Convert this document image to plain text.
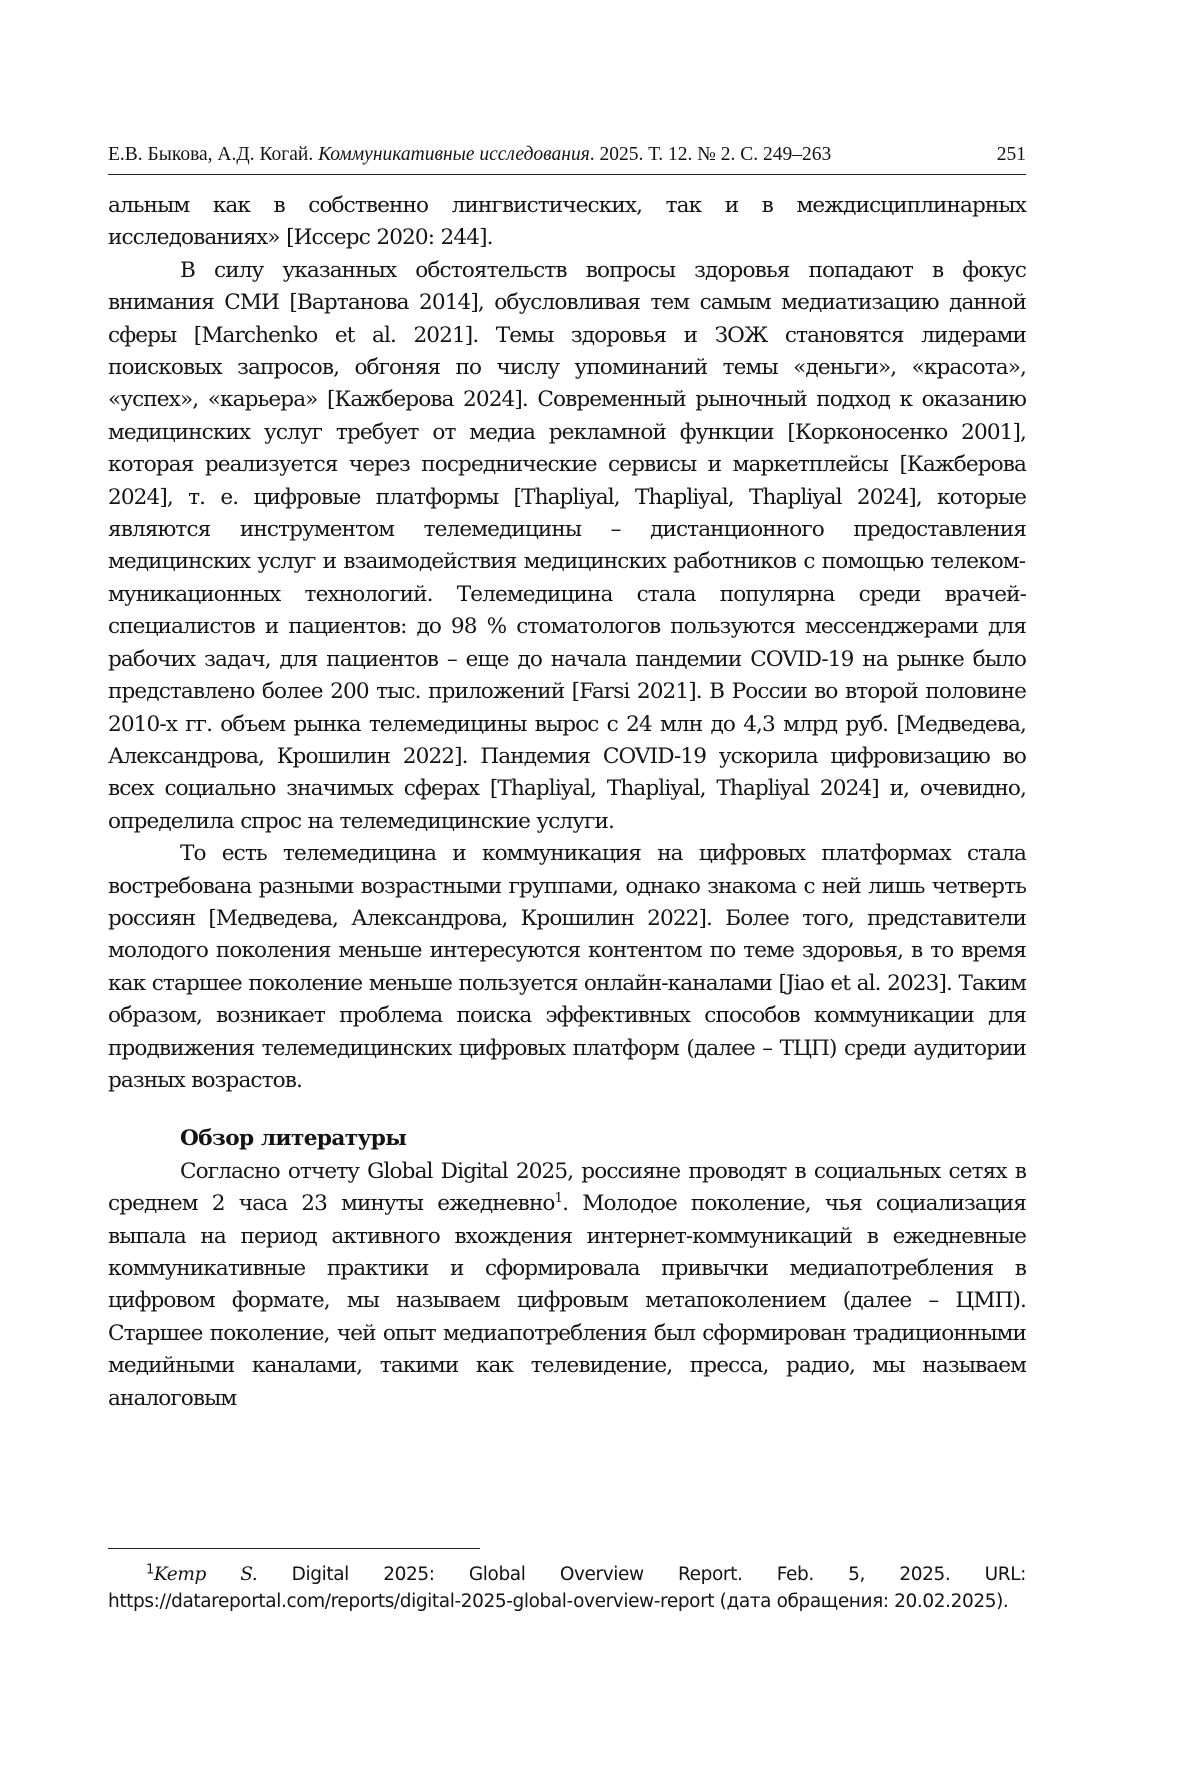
Е.В. Быкова, А.Д. Когай. Коммуникативные исследования. 2025. Т. 12. № 2. С. 249–263	251

альным как в собственно лингвистических, так и в междисциплинарных исследованиях» [Иссерс 2020: 244].

В силу указанных обстоятельств вопросы здоровья попадают в фокус внимания СМИ [Вартанова 2014], обусловливая тем самым медиатизацию данной сферы [Marchenko et al. 2021]. Темы здоровья и ЗОЖ становятся лидерами поисковых запросов, обгоняя по числу упоминаний темы «деньги», «красота», «успех», «карьера» [Кажберова 2024]. Современный рыночный подход к оказанию медицинских услуг требует от медиа рекламной функции [Корконосенко 2001], которая реализуется через посреднические сервисы и маркетплейсы [Кажберова 2024], т. е. цифровые платформы [Thapliyal, Thapliyal, Thapliyal 2024], которые являются инструментом телемедицины – дистанционного предоставления медицинских услуг и взаимодействия медицинских работников с помощью телекоммуникационных технологий. Телемедицина стала популярна среди врачей-специалистов и пациентов: до 98 % стоматологов пользуются мессенджерами для рабочих задач, для пациентов – еще до начала пандемии COVID-19 на рынке было представлено более 200 тыс. приложений [Farsi 2021]. В России во второй половине 2010-х гг. объем рынка телемедицины вырос с 24 млн до 4,3 млрд руб. [Медведева, Александрова, Крошилин 2022]. Пандемия COVID-19 ускорила цифровизацию во всех социально значимых сферах [Thapliyal, Thapliyal, Thapliyal 2024] и, очевидно, определила спрос на телемедицинские услуги.

То есть телемедицина и коммуникация на цифровых платформах стала востребована разными возрастными группами, однако знакома с ней лишь четверть россиян [Медведева, Александрова, Крошилин 2022]. Более того, представители молодого поколения меньше интересуются контентом по теме здоровья, в то время как старшее поколение меньше пользуется онлайн-каналами [Jiao et al. 2023]. Таким образом, возникает проблема поиска эффективных способов коммуникации для продвижения телемедицинских цифровых платформ (далее – ТЦП) среди аудитории разных возрастов.

Обзор литературы

Согласно отчету Global Digital 2025, россияне проводят в социальных сетях в среднем 2 часа 23 минуты ежедневно$^1$. Молодое поколение, чья социализация выпала на период активного вхождения интернет-коммуникаций в ежедневные коммуникативные практики и сформировала привычки медиапотребления в цифровом формате, мы называем цифровым метапоколением (далее – ЦМП). Старшее поколение, чей опыт медиапотребления был сформирован традиционными медийными каналами, такими как телевидение, пресса, радио, мы называем аналоговым

$^1$Kemp S. Digital 2025: Global Overview Report. Feb. 5, 2025. URL: https://datareportal.com/reports/digital-2025-global-overview-report (дата обращения: 20.02.2025).
